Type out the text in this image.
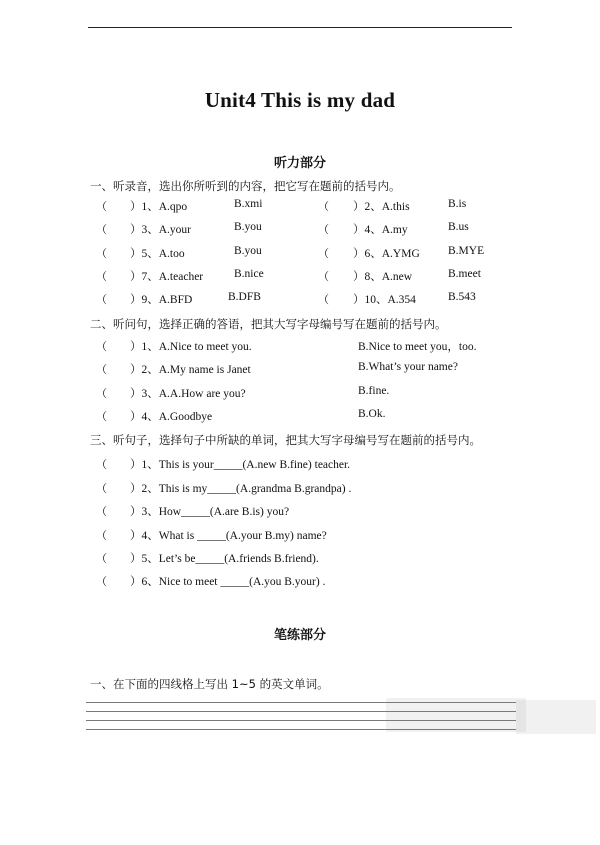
Unit4 This is my dad
听力部分
一、听录音，选出你所听到的内容，把它写在题前的括号内。
（ ）1、A.qpo	B.xmi	（ ）2、A.this	B.is
（ ）3、A.your	B.you	（ ）4、A.my	B.us
（ ）5、A.too	B.you	（ ）6、A.YMG B.MYE
（ ）7、A.teacher	B.nice	（ ）8、A.new	B.meet
（ ）9、A.BFD	B.DFB	（ ）10、A.354	B.543
二、听问句，选择正确的答语，把其大写字母编号写在题前的括号内。
（ ）1、A.Nice to meet you.	B.Nice to meet you，too.
（ ）2、A.My name is Janet	B.What’s your name?
（ ）3、A.A.How are you?	B.fine.
（ ）4、A.Goodbye	B.Ok.
三、听句子，选择句子中所缺的单词，把其大写字母编号写在题前的括号内。
（ ）1、This is your_____(A.new B.fine) teacher.
（ ）2、This is my_____(A.grandma B.grandpa) .
（ ）3、How_____(A.are B.is) you?
（ ）4、What is _____(A.your B.my) name?
（ ）5、Let’s be_____(A.friends B.friend).
（ ）6、Nice to meet _____(A.you B.your) .
笔练部分
一、在下面的四线格上写出 1~5 的英文单词。
